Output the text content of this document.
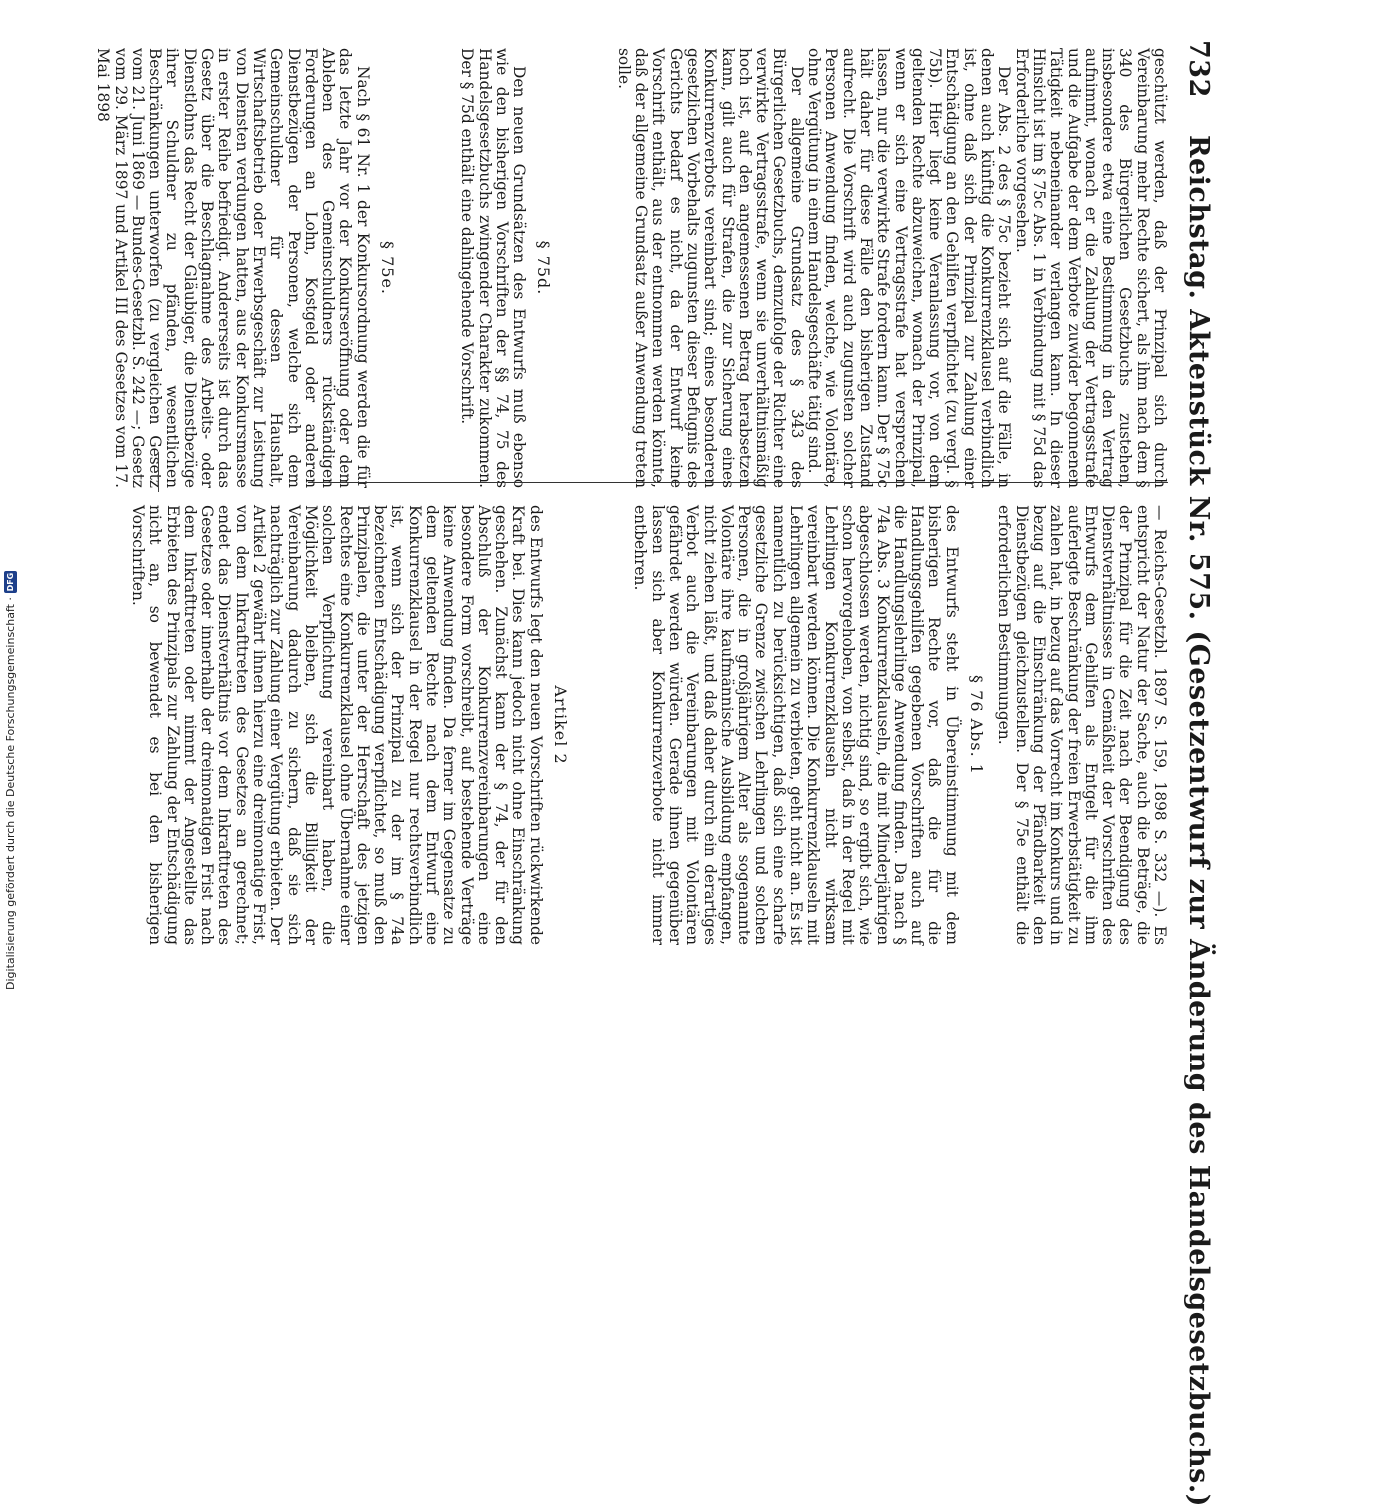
732
Reichstag. Aktenstück Nr. 575. (Gesetzentwurf zur Änderung des Handelsgesetzbuchs.)

geschützt werden, daß der Prinzipal sich durch Vereinbarung mehr Rechte sichert, als ihm nach dem § 340 des Bürgerlichen Gesetzbuchs zustehen, insbesondere etwa eine Bestimmung in den Vertrag aufnimmt, wonach er die Zahlung der Vertragsstrafe und die Aufgabe der dem Verbote zuwider begonnenen Tätigkeit nebeneinander verlangen kann. In dieser Hinsicht ist im § 75c Abs. 1 in Verbindung mit § 75d das Erforderliche vorgesehen.

Der Abs. 2 des § 75c bezieht sich auf die Fälle, in denen auch künftig die Konkurrenzklausel verbindlich ist, ohne daß sich der Prinzipal zur Zahlung einer Entschädigung an den Gehilfen verpflichtet (zu vergl. § 75b). Hier liegt keine Veranlassung vor, von dem geltenden Rechte abzuweichen, wonach der Prinzipal, wenn er sich eine Vertragsstrafe hat versprechen lassen, nur die verwirkte Strafe fordern kann. Der § 75c hält daher für diese Fälle den bisherigen Zustand aufrecht. Die Vorschrift wird auch zugunsten solcher Personen Anwendung finden, welche, wie Volontäre, ohne Vergütung in einem Handelsgeschäfte tätig sind.

Der allgemeine Grundsatz des § 343 des Bürgerlichen Gesetzbuchs, demzufolge der Richter eine verwirkte Vertragsstrafe, wenn sie unverhältnismäßig hoch ist, auf den angemessenen Betrag herabsetzen kann, gilt auch für Strafen, die zur Sicherung eines Konkurrenzverbots vereinbart sind; eines besonderen gesetzlichen Vorbehalts zugunsten dieser Befugnis des Gerichts bedarf es nicht, da der Entwurf keine Vorschrift enthält, aus der entnommen werden könnte, daß der allgemeine Grundsatz außer Anwendung treten solle.

§ 75d.

Den neuen Grundsätzen des Entwurfs muß ebenso wie den bisherigen Vorschriften der §§ 74, 75 des Handelsgesetzbuchs zwingender Charakter zukommen. Der § 75d enthält eine dahingehende Vorschrift.

§ 75e.

Nach § 61 Nr. 1 der Konkursordnung werden die für das letzte Jahr vor der Konkurseröffnung oder dem Ableben des Gemeinschuldners rückständigen Forderungen an Lohn, Kostgeld oder anderen Dienstbezügen der Personen, welche sich dem Gemeinschuldner für dessen Haushalt, Wirtschaftsbetrieb oder Erwerbsgeschäft zur Leistung von Diensten verdungen hatten, aus der Konkursmasse in erster Reihe befriedigt. Andererseits ist durch das Gesetz über die Beschlagnahme des Arbeits- oder Dienstlohns das Recht der Gläubiger, die Dienstbezüge ihrer Schuldner zu pfänden, wesentlichen Beschränkungen unterworfen (zu vergleichen Gesetz vom 21. Juni 1869 — Bundes-Gesetzbl. S. 242 —; Gesetz vom 29. März 1897 und Artikel III des Gesetzes vom 17. Mai 1898

— Reichs-Gesetzbl. 1897 S. 159, 1898 S. 332 —). Es entspricht der Natur der Sache, auch die Beträge, die der Prinzipal für die Zeit nach der Beendigung des Dienstverhältnisses in Gemäßheit der Vorschriften des Entwurfs dem Gehilfen als Entgelt für die ihm auferlegte Beschränkung der freien Erwerbstätigkeit zu zahlen hat, in bezug auf das Vorrecht im Konkurs und in bezug auf die Einschränkung der Pfändbarkeit den Dienstbezügen gleichzustellen. Der § 75e enthält die erforderlichen Bestimmungen.

§ 76 Abs. 1

des Entwurfs steht in Übereinstimmung mit dem bisherigen Rechte vor, daß die für die Handlungsgehilfen gegebenen Vorschriften auch auf die Handlungslehrlinge Anwendung finden. Da nach § 74a Abs. 3 Konkurrenzklauseln, die mit Minderjährigen abgeschlossen werden, nichtig sind, so ergibt sich, wie schon hervorgehoben, von selbst, daß in der Regel mit Lehrlingen Konkurrenzklauseln nicht wirksam vereinbart werden können. Die Konkurrenzklauseln mit Lehrlingen allgemein zu verbieten, geht nicht an. Es ist namentlich zu berücksichtigen, daß sich eine scharfe gesetzliche Grenze zwischen Lehrlingen und solchen Personen, die in großjährigem Alter als sogenannte Volontäre ihre kaufmännische Ausbildung empfangen, nicht ziehen läßt, und daß daher durch ein derartiges Verbot auch die Vereinbarungen mit Volontären gefährdet werden würden. Gerade ihnen gegenüber lassen sich aber Konkurrenzverbote nicht immer entbehren.

Artikel 2

des Entwurfs legt den neuen Vorschriften rückwirkende Kraft bei. Dies kann jedoch nicht ohne Einschränkung geschehen. Zunächst kann der § 74, der für den Abschluß der Konkurrenzvereinbarungen eine besondere Form vorschreibt, auf bestehende Verträge keine Anwendung finden. Da ferner im Gegensatze zu dem geltenden Rechte nach dem Entwurf eine Konkurrenzklausel in der Regel nur rechtsverbindlich ist, wenn sich der Prinzipal zu der im § 74a bezeichneten Entschädigung verpflichtet, so muß den Prinzipalen, die unter der Herrschaft des jetzigen Rechtes eine Konkurrenzklausel ohne Übernahme einer solchen Verpflichtung vereinbart haben, die Möglichkeit bleiben, sich die Billigkeit der Vereinbarung dadurch zu sichern, daß sie sich nachträglich zur Zahlung einer Vergütung erbieten. Der Artikel 2 gewährt ihnen hierzu eine dreimonatige Frist, von dem Inkrafttreten des Gesetzes an gerechnet; endet das Dienstverhältnis vor dem Inkrafttreten des Gesetzes oder innerhalb der dreimonatigen Frist nach dem Inkrafttreten oder nimmt der Angestellte das Erbieten des Prinzipals zur Zahlung der Entschädigung nicht an, so bewendet es bei den bisherigen Vorschriften.

Digitalisierung gefördert durch die Deutsche Forschungsgemeinschaft ·
DFG
